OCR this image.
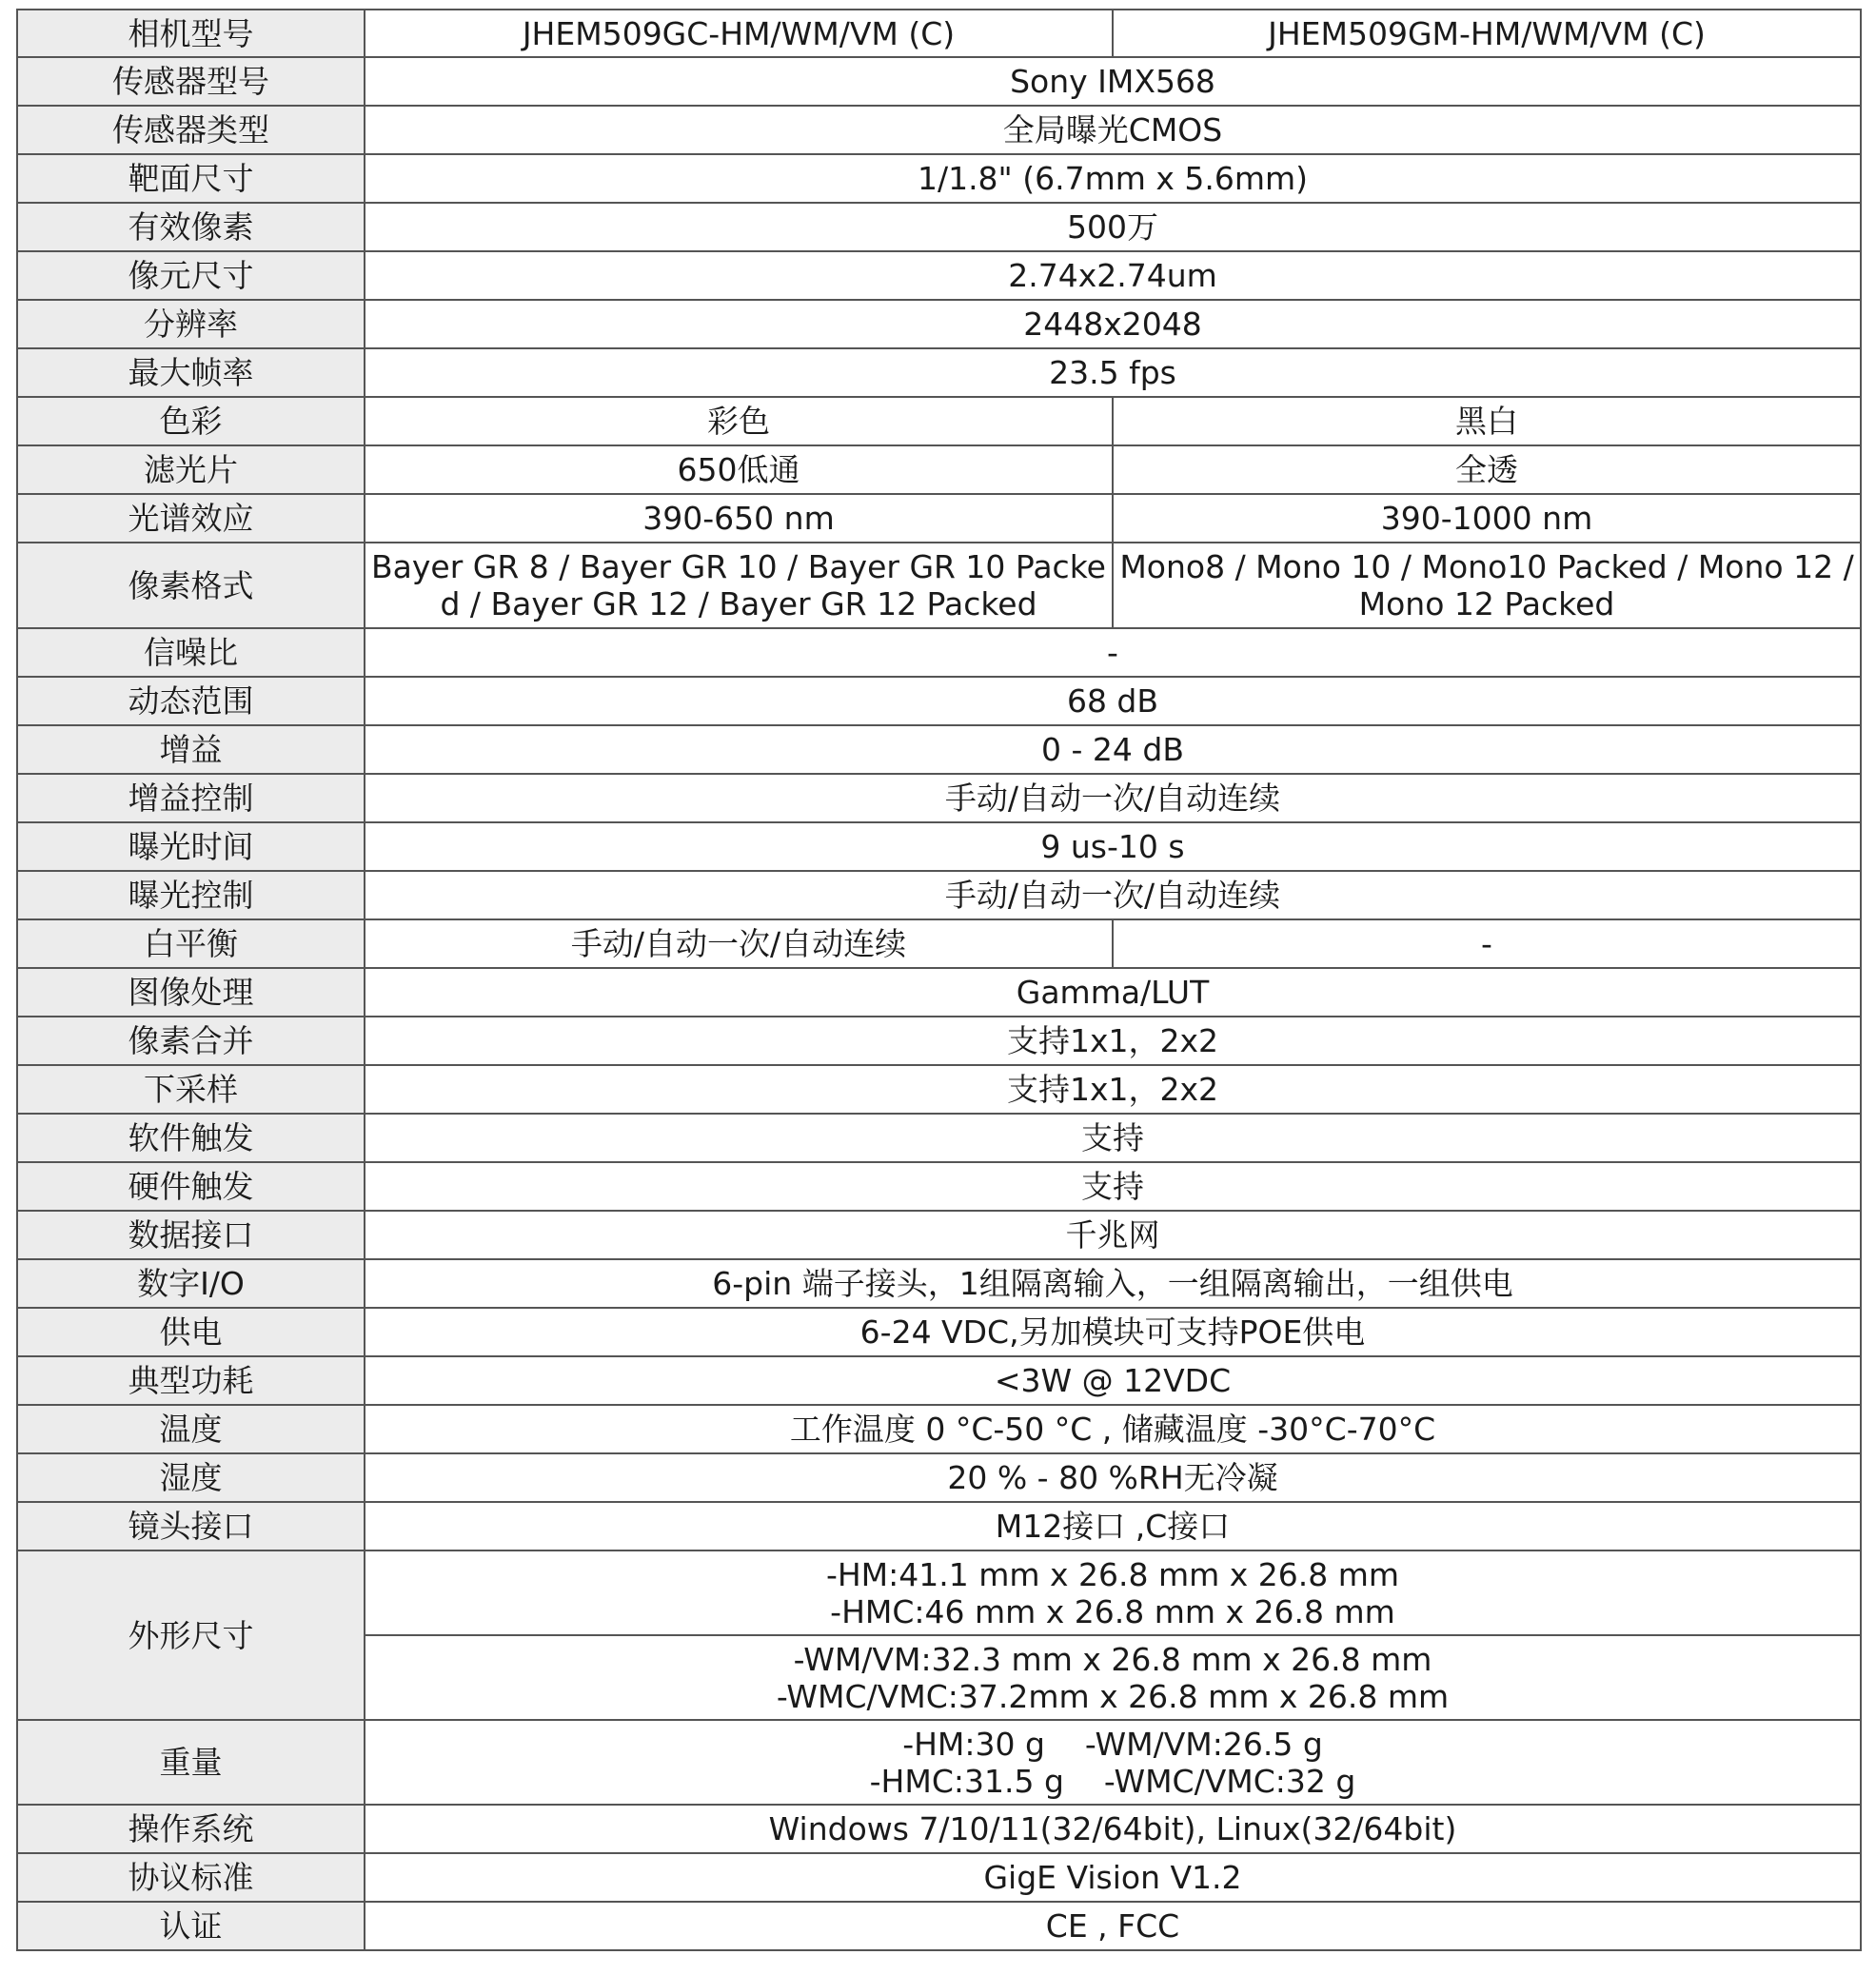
相机型号	JHEM509GC-HM/WM/VM (C)	JHEM509GM-HM/WM/VM (C)
传感器型号	Sony IMX568	
传感器类型	全局曝光CMOS	
靶面尺寸	1/1.8" (6.7mm x 5.6mm)	
有效像素	500万	
像元尺寸	2.74x2.74um	
分辨率	2448x2048	
最大帧率	23.5 fps	
色彩	彩色	黑白
滤光片	650低通	全透
光谱效应	390-650 nm	390-1000 nm
像素格式	Bayer GR 8 / Bayer GR 10 / Bayer GR 10 Packed / Bayer GR 12 / Bayer GR 12 Packed	Mono8 / Mono 10 / Mono10 Packed / Mono 12 / Mono 12 Packed
信噪比	-	
动态范围	68 dB	
增益	0 - 24 dB	
增益控制	手动/自动一次/自动连续	
曝光时间	9 us-10 s	
曝光控制	手动/自动一次/自动连续	
白平衡	手动/自动一次/自动连续	-
图像处理	Gamma/LUT	
像素合并	支持1x1，2x2	
下采样	支持1x1，2x2	
软件触发	支持	
硬件触发	支持	
数据接口	千兆网	
数字I/O	6-pin 端子接头，1组隔离输入，一组隔离输出，一组供电	
供电	6-24 VDC,另加模块可支持POE供电	
典型功耗	<3W @ 12VDC	
温度	工作温度 0 °C-50 °C , 储藏温度 -30°C-70°C	
湿度	20 % - 80 %RH无冷凝	
镜头接口	M12接口 ,C接口	
外形尺寸	-HM:41.1 mm x 26.8 mm x 26.8 mm
-HMC:46 mm x 26.8 mm x 26.8 mm	
	-WM/VM:32.3 mm x 26.8 mm x 26.8 mm
-WMC/VMC:37.2mm x 26.8 mm x 26.8 mm	
重量	-HM:30 g    -WM/VM:26.5 g
-HMC:31.5 g    -WMC/VMC:32 g	
操作系统	Windows 7/10/11(32/64bit), Linux(32/64bit)	
协议标准	GigE Vision V1.2	
认证	CE , FCC	
